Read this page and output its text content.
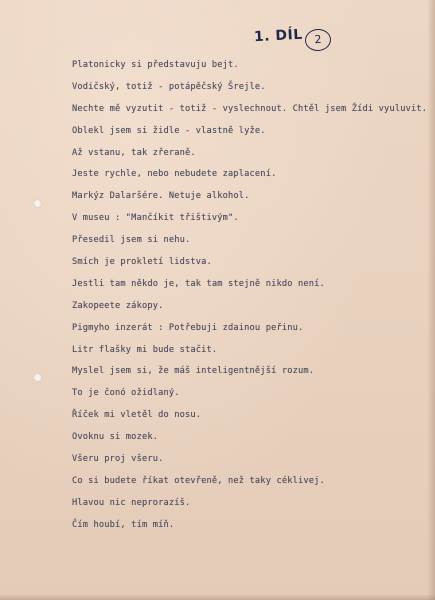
1. DÍL 2
Platonicky si představuju bejt.
Vodičský, totiž - potápěčský Šrejle.
Nechte mě vyzutit - totiž - vyslechnout. Chtěl jsem Žídi vyuluvit.
Oblekl jsem si židle - vlastně lyže.
Až vstanu, tak zřeraně.
Jeste rychle, nebo nebudete zaplacení.
Markýz Dalaršére. Netuje alkohol.
V museu : "Mančíkit třištivým".
Přesedil jsem si nehu.
Smích je prokletí lidstva.
Jestli tam někdo je, tak tam stejně nikdo není.
Zakopeete zákopy.
Pigmyho inzerát : Potřebuji zdainou peřinu.
Litr flašky mi bude stačit.
Myslel jsem si, že máš inteligentnější rozum.
To je čonó ožidlaný.
Říček mi vletěl do nosu.
Ovoknu si mozek.
Všeru proj všeru.
Co si budete říkat otevřeně, než taky céklivej.
Hlavou nic neprorazíš.
Čím houbí, tím míň.
